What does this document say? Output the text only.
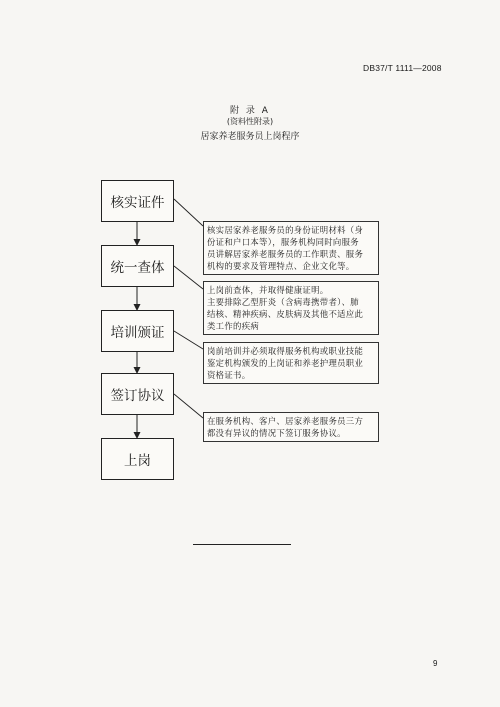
DB37/T 1111—2008
附 录 A
(资料性附录)
居家养老服务员上岗程序
核实证件
统一查体
培训颁证
签订协议
上岗

核实居家养老服务员的身份证明材料（身

份证和户口本等），服务机构同时向服务

员讲解居家养老服务员的工作职责、服务

机构的要求及管理特点、企业文化等。

上岗前查体，并取得健康证明。

主要排除乙型肝炎（含病毒携带者）、肺

结核、精神疾病、皮肤病及其他不适应此

类工作的疾病

岗前培训并必须取得服务机构或职业技能

鉴定机构颁发的上岗证和养老护理员职业

资格证书。

在服务机构、客户、居家养老服务员三方

都没有异议的情况下签订服务协议。

9
